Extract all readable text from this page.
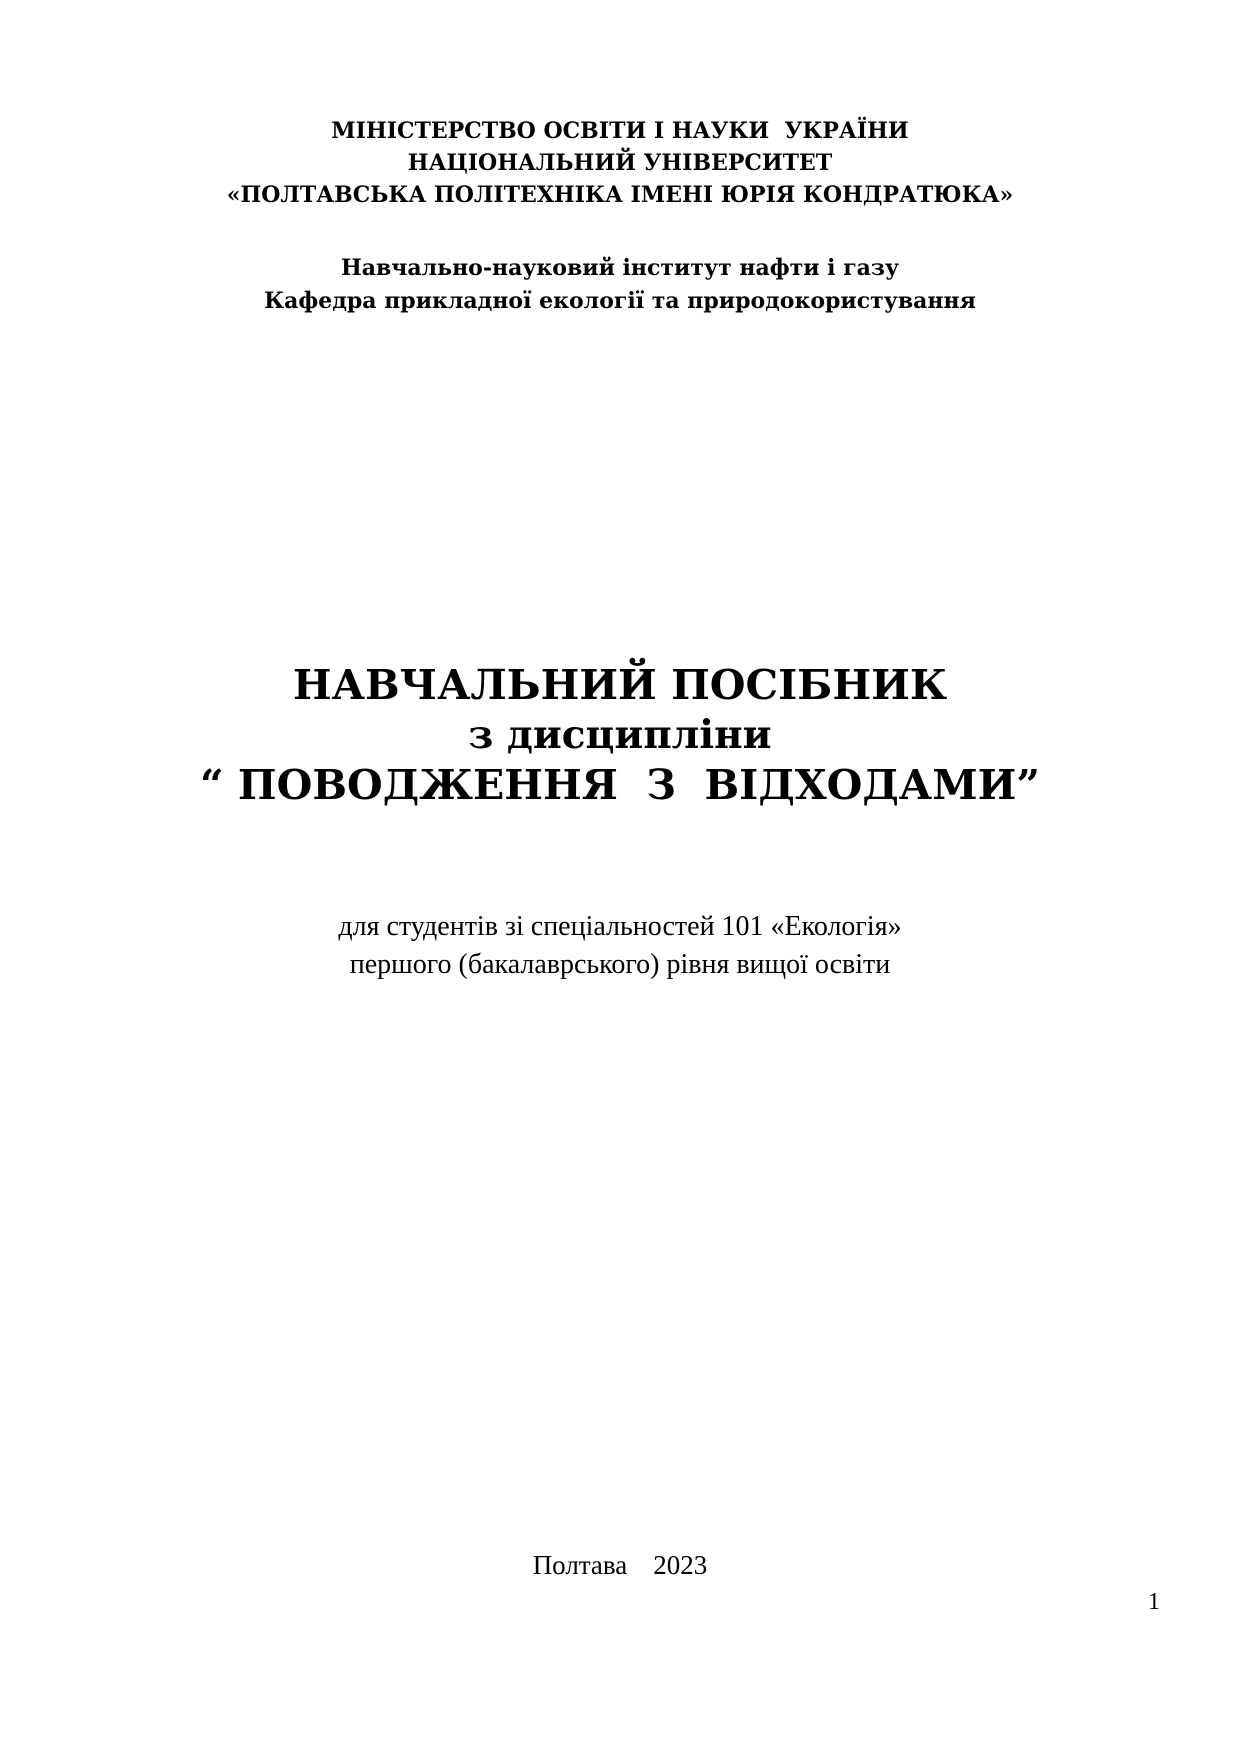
МІНІСТЕРСТВО ОСВІТИ І НАУКИ  УКРАЇНИ
НАЦІОНАЛЬНИЙ УНІВЕРСИТЕТ
«ПОЛТАВСЬКА ПОЛІТЕХНІКА ІМЕНІ ЮРІЯ КОНДРАТЮКА»
Навчально-науковий інститут нафти і газу
Кафедра прикладної екології та природокористування
НАВЧАЛЬНИЙ ПОСІБНИК
з дисципліни
“ ПОВОДЖЕННЯ  З  ВІДХОДАМИ”
для студентів зі спеціальностей 101 «Екологія»
першого (бакалаврського) рівня вищої освіти
Полтава 2023
1
